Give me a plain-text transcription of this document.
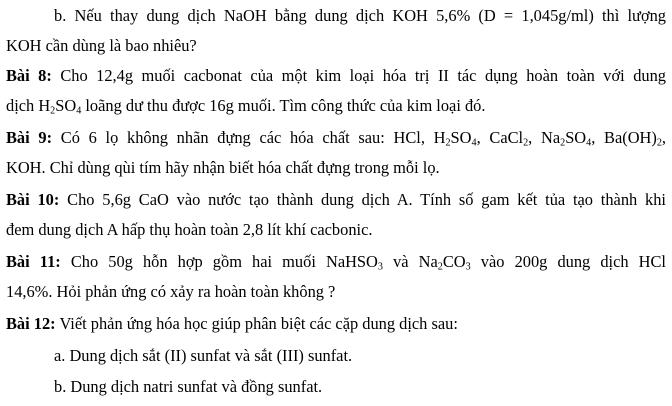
b. Nếu thay dung dịch NaOH bằng dung dịch KOH 5,6% (D = 1,045g/ml) thì lượng
KOH cần dùng là bao nhiêu?
Bài 8: Cho 12,4g muối cacbonat của một kim loại hóa trị II tác dụng hoàn toàn với dung
dịch $H_2SO_4$ loãng dư thu được 16g muối. Tìm công thức của kim loại đó.
Bài 9: Có 6 lọ không nhãn đựng các hóa chất sau: HCl, $H_2SO_4$, CaCl$_2$, $Na_2SO_4$, $Ba(OH)_2$,
KOH. Chỉ dùng qùi tím hãy nhận biết hóa chất đựng trong mỗi lọ.
Bài 10: Cho 5,6g CaO vào nước tạo thành dung dịch A. Tính số gam kết tủa tạo thành khi
đem dung dịch A hấp thụ hoàn toàn 2,8 lít khí cacbonic.
Bài 11: Cho 50g hỗn hợp gồm hai muối NaHSO$_3$ và $Na_2CO_3$ vào 200g dung dịch HCl
14,6%. Hỏi phản ứng có xảy ra hoàn toàn không ?
Bài 12: Viết phản ứng hóa học giúp phân biệt các cặp dung dịch sau:
a. Dung dịch sắt (II) sunfat và sắt (III) sunfat.
b. Dung dịch natri sunfat và đồng sunfat.
